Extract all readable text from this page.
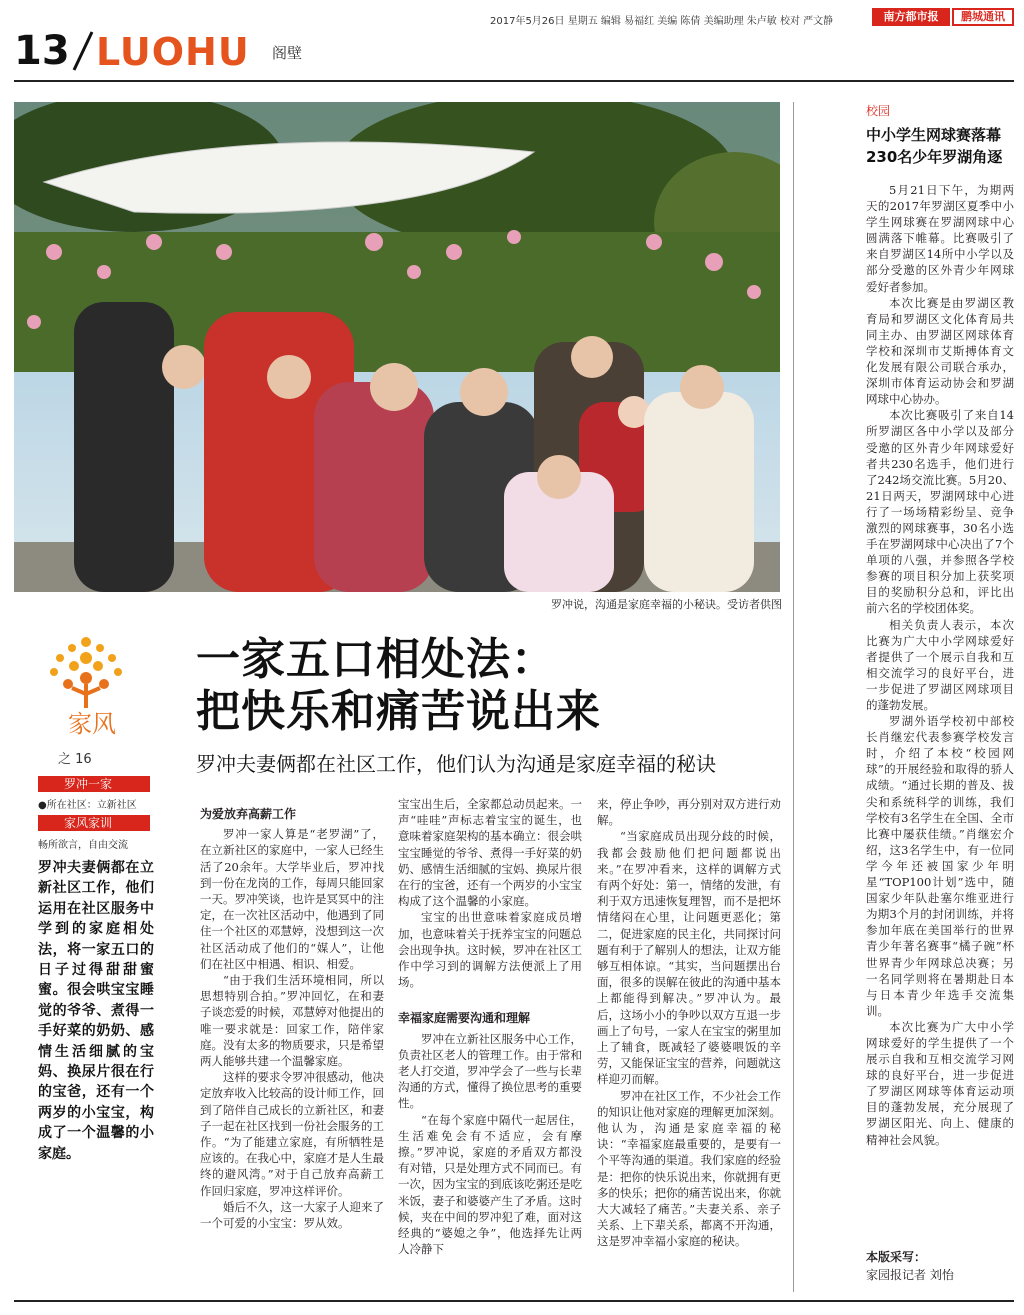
2017年5月26日 星期五 编辑 易福红 美编 陈倩 美编助理 朱卢敏 校对 严文静	南方都市报	鹏城通讯
13 LUOHU 阁壁
罗冲说，沟通是家庭幸福的小秘诀。受访者供图
家风
之 16
罗冲一家
●所在社区：立新社区
家风家训
畅所欲言，自由交流
罗冲夫妻俩都在立新社区工作，他们运用在社区服务中学到的家庭相处法，将一家五口的日子过得甜甜蜜蜜。很会哄宝宝睡觉的爷爷、煮得一手好菜的奶奶、感情生活细腻的宝妈、换尿片很在行的宝爸，还有一个两岁的小宝宝，构成了一个温馨的小家庭。
一家五口相处法：
把快乐和痛苦说出来
罗冲夫妻俩都在社区工作，他们认为沟通是家庭幸福的秘诀
为爱放弃高薪工作

罗冲一家人算是“老罗湖”了，在立新社区的家庭中，一家人已经生活了20余年。大学毕业后，罗冲找到一份在龙岗的工作，每周只能回家一天。罗冲笑谈，也许是冥冥中的注定，在一次社区活动中，他遇到了同住一个社区的邓慧婷，没想到这一次社区活动成了他们的“媒人”，让他们在社区中相遇、相识、相爱。

“由于我们生活环境相同，所以思想特别合拍。”罗冲回忆，在和妻子谈恋爱的时候，邓慧婷对他提出的唯一要求就是：回家工作，陪伴家庭。没有太多的物质要求，只是希望两人能够共建一个温馨家庭。

这样的要求令罗冲很感动，他决定放弃收入比较高的设计师工作，回到了陪伴自己成长的立新社区，和妻子一起在社区找到一份社会服务的工作。“为了能建立家庭，有所牺牲是应该的。在我心中，家庭才是人生最终的避风湾。”对于自己放弃高薪工作回归家庭，罗冲这样评价。

婚后不久，这一大家子人迎来了一个可爱的小宝宝：罗从效。

宝宝出生后，全家都总动员起来。一声“哇哇”声标志着宝宝的诞生，也意味着家庭架构的基本确立：很会哄宝宝睡觉的爷爷、煮得一手好菜的奶奶、感情生活细腻的宝妈、换尿片很在行的宝爸，还有一个两岁的小宝宝构成了这个温馨的小家庭。

宝宝的出世意味着家庭成员增加，也意味着关于抚养宝宝的问题总会出现争执。这时候，罗冲在社区工作中学习到的调解方法便派上了用场。

幸福家庭需要沟通和理解

罗冲在立新社区服务中心工作，负责社区老人的管理工作。由于常和老人打交道，罗冲学会了一些与长辈沟通的方式，懂得了换位思考的重要性。

“在每个家庭中隔代一起居住，生活难免会有不适应，会有摩擦。”罗冲说，家庭的矛盾双方都没有对错，只是处理方式不同而已。有一次，因为宝宝的到底该吃粥还是吃米饭，妻子和婆婆产生了矛盾。这时候，夹在中间的罗冲犯了难，面对这经典的“婆媳之争”，他选择先让两人冷静下

来，停止争吵，再分别对双方进行劝解。

“当家庭成员出现分歧的时候，我都会鼓励他们把问题都说出来。”在罗冲看来，这样的调解方式有两个好处：第一，情绪的发泄，有利于双方迅速恢复理智，而不是把坏情绪闷在心里，让问题更恶化；第二，促进家庭的民主化，共同探讨问题有利于了解别人的想法，让双方能够互相体谅。“其实，当问题摆出台面，很多的误解在彼此的沟通中基本上都能得到解决。”罗冲认为。最后，这场小小的争吵以双方互退一步画上了句号，一家人在宝宝的粥里加上了辅食，既减轻了婆婆喂饭的辛劳，又能保证宝宝的营养，问题就这样迎刃而解。

罗冲在社区工作，不少社会工作的知识让他对家庭的理解更加深刻。他认为，沟通是家庭幸福的秘诀：“幸福家庭最重要的，是要有一个平等沟通的渠道。我们家庭的经验是：把你的快乐说出来，你就拥有更多的快乐；把你的痛苦说出来，你就大大减轻了痛苦。”夫妻关系、亲子关系、上下辈关系，都离不开沟通，这是罗冲幸福小家庭的秘诀。

校园
中小学生网球赛落幕 230名少年罗湖角逐

5月21日下午，为期两天的2017年罗湖区夏季中小学生网球赛在罗湖网球中心圆满落下帷幕。比赛吸引了来自罗湖区14所中小学以及部分受邀的区外青少年网球爱好者参加。

本次比赛是由罗湖区教育局和罗湖区文化体育局共同主办、由罗湖区网球体育学校和深圳市艾斯搏体育文化发展有限公司联合承办，深圳市体育运动协会和罗湖网球中心协办。

本次比赛吸引了来自14所罗湖区各中小学以及部分受邀的区外青少年网球爱好者共230名选手，他们进行了242场交流比赛。5月20、21日两天，罗湖网球中心进行了一场场精彩纷呈、竞争激烈的网球赛事，30名小选手在罗湖网球中心决出了7个单项的八强，并参照各学校参赛的项目积分加上获奖项目的奖励积分总和，评比出前六名的学校团体奖。

相关负责人表示，本次比赛为广大中小学网球爱好者提供了一个展示自我和互相交流学习的良好平台，进一步促进了罗湖区网球项目的蓬勃发展。

罗湖外语学校初中部校长肖继宏代表参赛学校发言时，介绍了本校“校园网球”的开展经验和取得的骄人成绩。“通过长期的普及、拔尖和系统科学的训练，我们学校有3名学生在全国、全市比赛中屡获佳绩。”肖继宏介绍，这3名学生中，有一位同学今年还被国家少年明星“TOP100计划”选中，随国家少年队赴塞尔维亚进行为期3个月的封闭训练，并将参加年底在美国举行的世界青少年著名赛事“橘子碗”杯世界青少年网球总决赛；另一名同学则将在暑期赴日本与日本青少年选手交流集训。

本次比赛为广大中小学网球爱好的学生提供了一个展示自我和互相交流学习网球的良好平台，进一步促进了罗湖区网球等体育运动项目的蓬勃发展，充分展现了罗湖区阳光、向上、健康的精神社会风貌。

本版采写：
家园报记者 刘怡
